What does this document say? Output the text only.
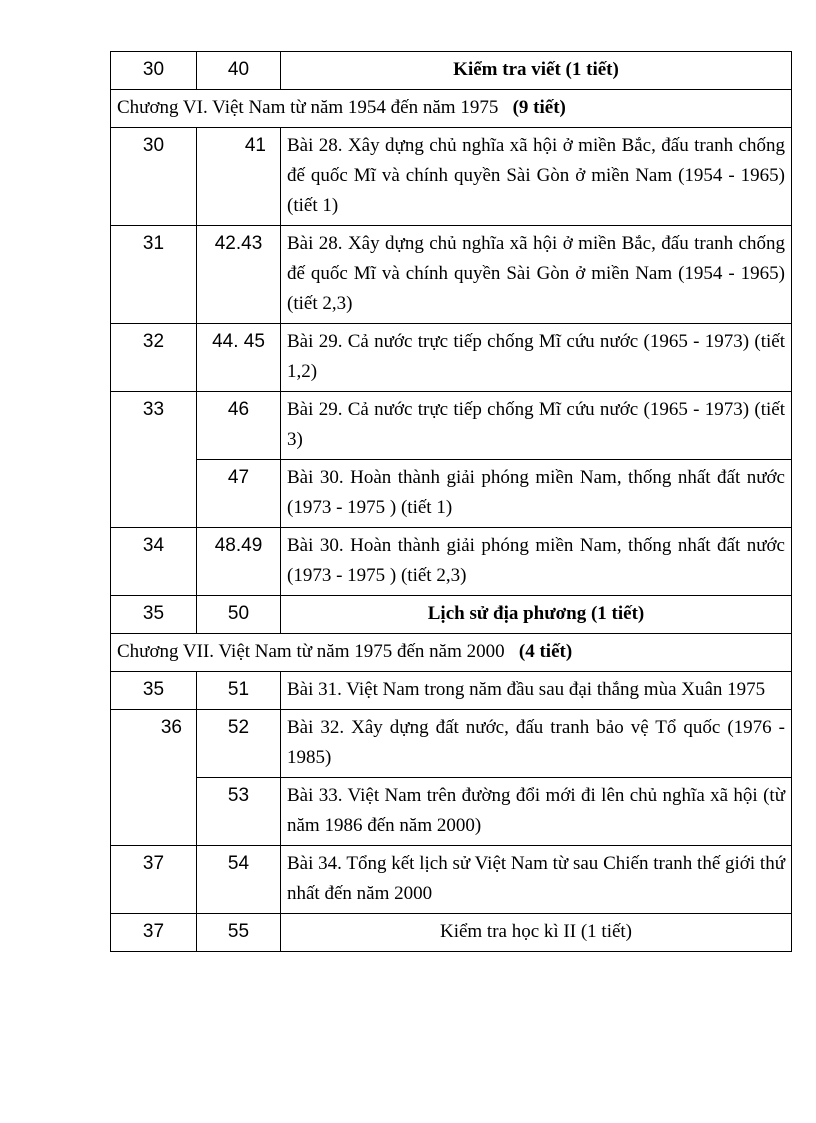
30	40	Kiểm tra viết (1 tiết)
Chương VI. Việt Nam từ năm 1954 đến năm 1975 (9 tiết)		
30	41	Bài 28. Xây dựng chủ nghĩa xã hội ở miền Bắc, đấu tranh chống đế quốc Mĩ và chính quyền Sài Gòn ở miền Nam (1954 - 1965) (tiết 1)
31	42.43	Bài 28. Xây dựng chủ nghĩa xã hội ở miền Bắc, đấu tranh chống đế quốc Mĩ và chính quyền Sài Gòn ở miền Nam (1954 - 1965) (tiết 2,3)
32	44. 45	Bài 29. Cả nước trực tiếp chống Mĩ cứu nước (1965 - 1973) (tiết 1,2)
33	46	Bài 29. Cả nước trực tiếp chống Mĩ cứu nước (1965 - 1973) (tiết 3)
	47	Bài 30. Hoàn thành giải phóng miền Nam, thống nhất đất nước (1973 - 1975 ) (tiết 1)
34	48.49	Bài 30. Hoàn thành giải phóng miền Nam, thống nhất đất nước (1973 - 1975 ) (tiết 2,3)
35	50	Lịch sử địa phương (1 tiết)
Chương VII. Việt Nam từ năm 1975 đến năm 2000 (4 tiết)		
35	51	Bài 31. Việt Nam trong năm đầu sau đại thắng mùa Xuân 1975
36	52	Bài 32. Xây dựng đất nước, đấu tranh bảo vệ Tổ quốc (1976 - 1985)
	53	Bài 33. Việt Nam trên đường đổi mới đi lên chủ nghĩa xã hội (từ năm 1986 đến năm 2000)
37	54	Bài 34. Tổng kết lịch sử Việt Nam từ sau Chiến tranh thế giới thứ nhất đến năm 2000
37	55	Kiểm tra học kì II (1 tiết)
